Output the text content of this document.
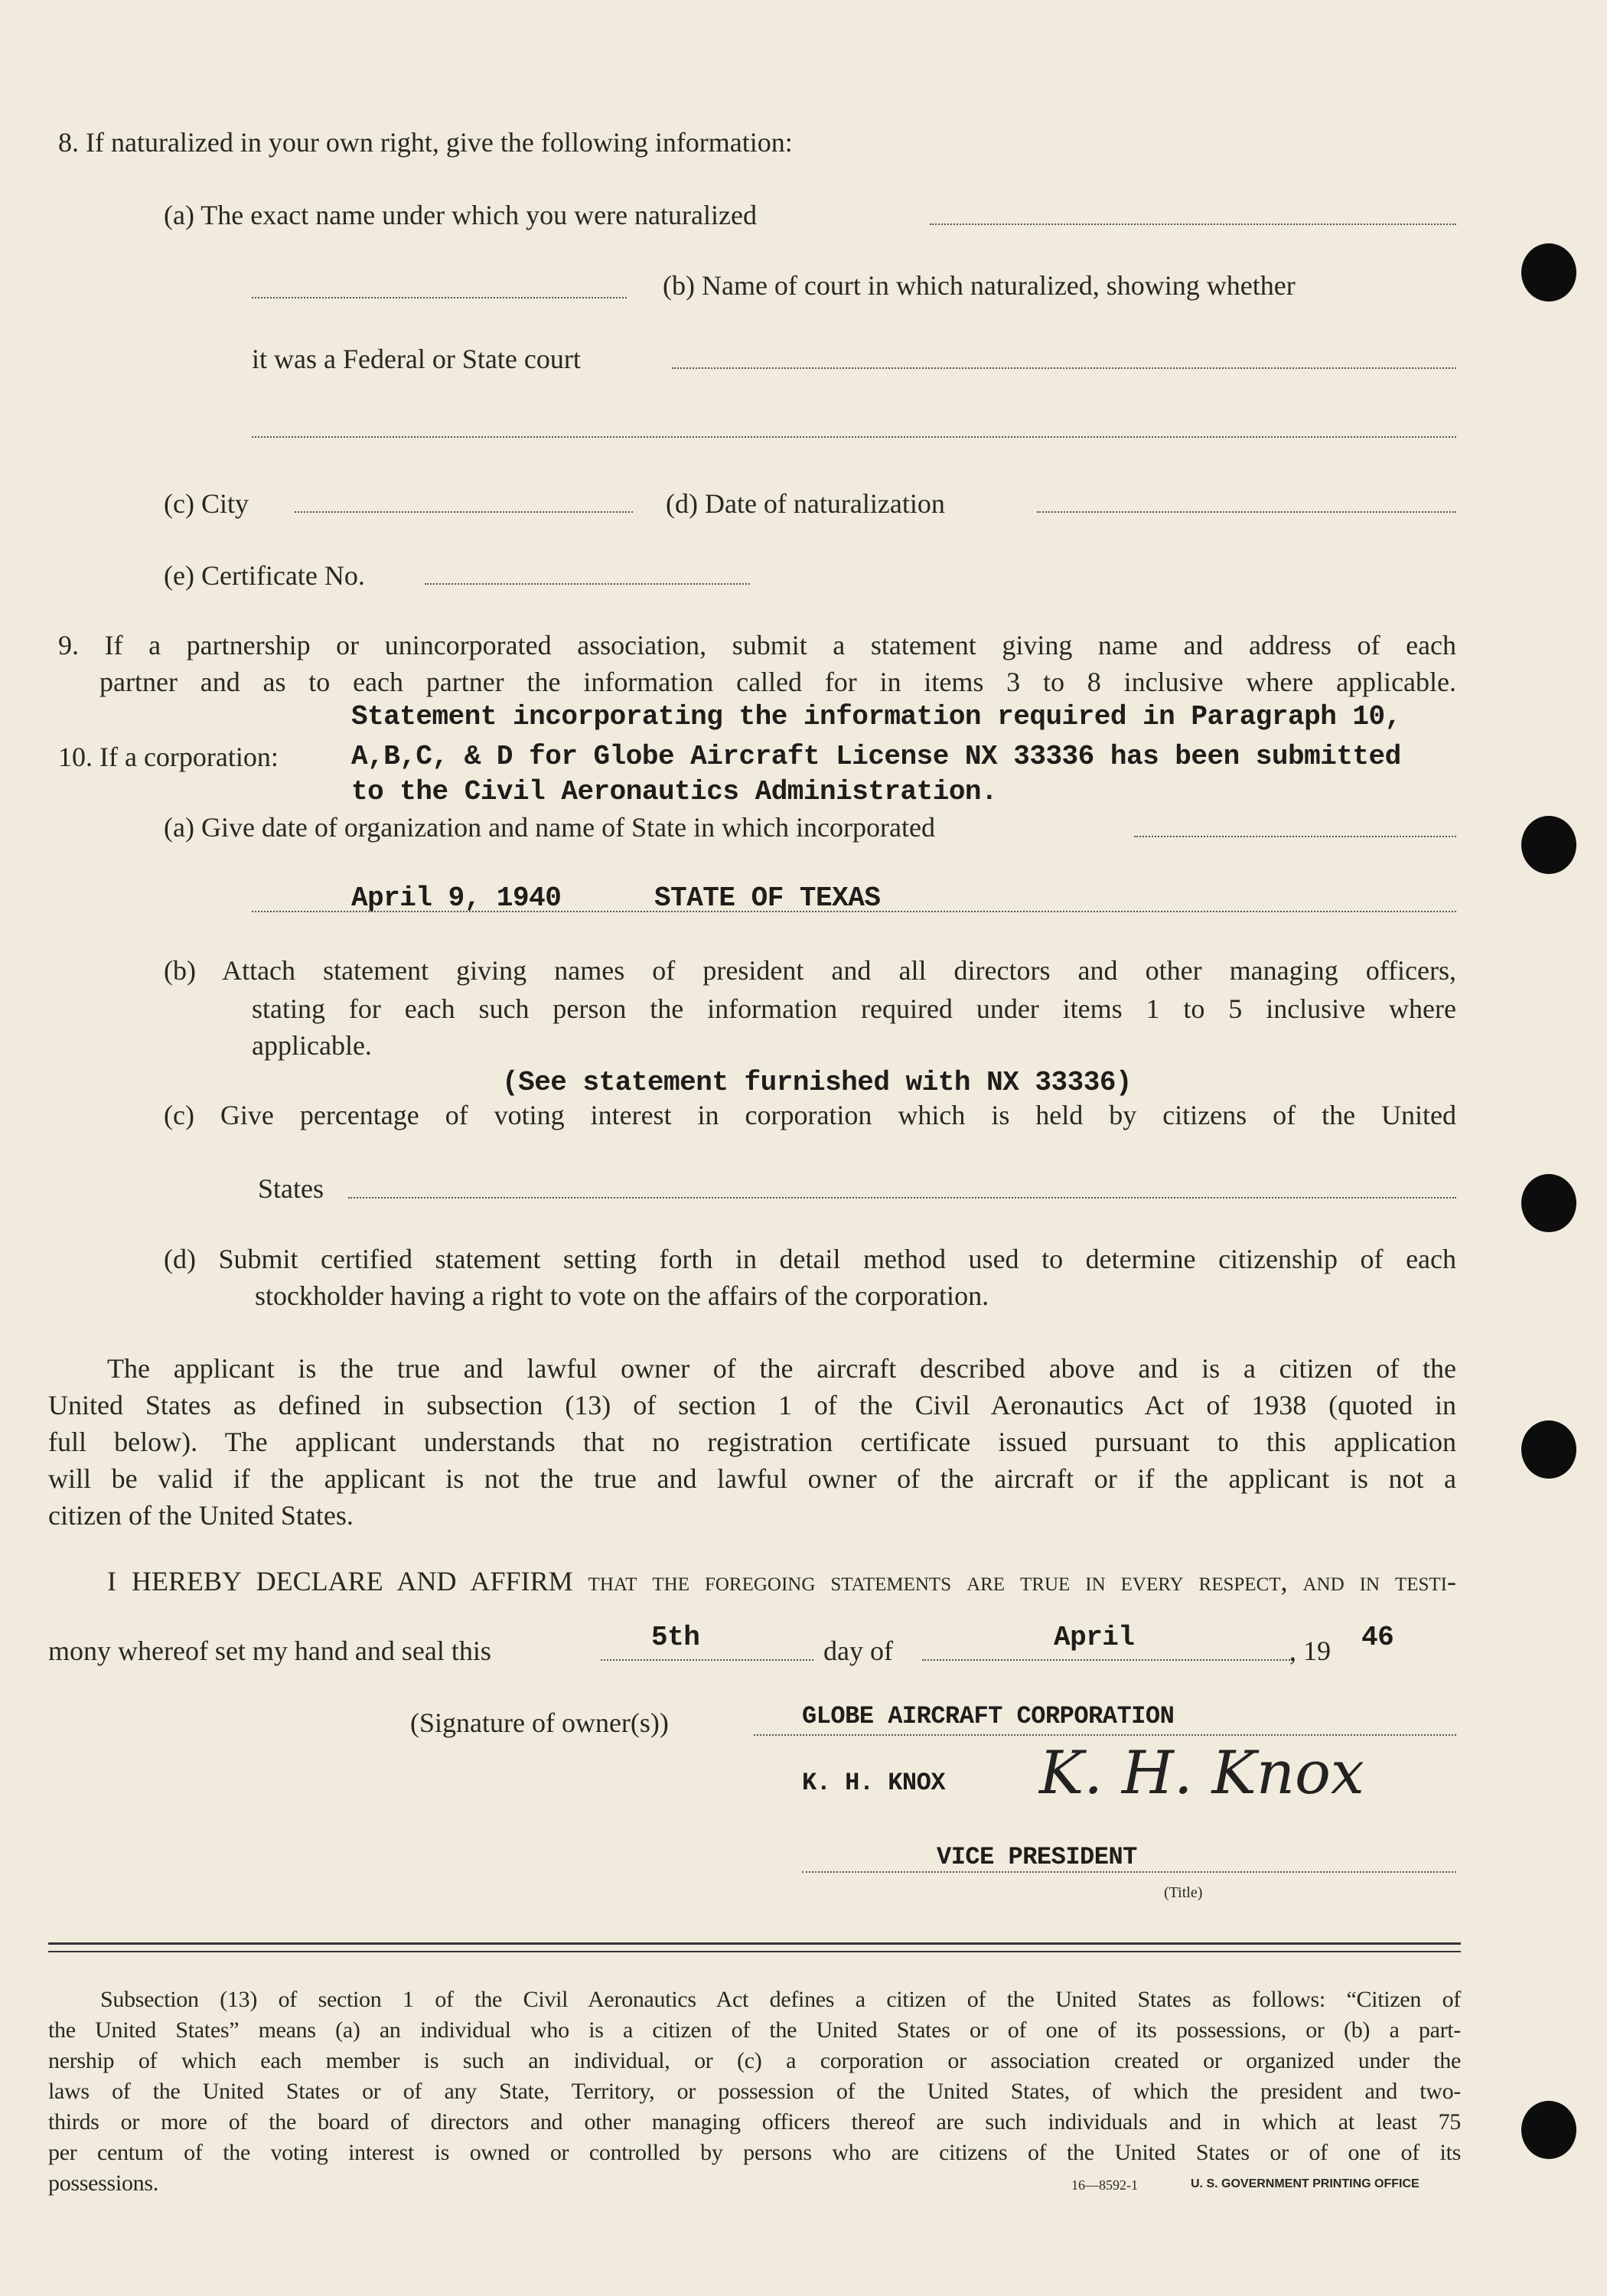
8. If naturalized in your own right, give the following information:
(a) The exact name under which you were naturalized
(b) Name of court in which naturalized, showing whether
it was a Federal or State court
(c) City	(d) Date of naturalization
(e) Certificate No.
9. If a partnership or unincorporated association, submit a statement giving name and address of each
partner and as to each partner the information called for in items 3 to 8 inclusive where applicable.
Statement incorporating the information required in Paragraph 10,
10. If a corporation:	A,B,C, & D for Globe Aircraft License NX 33336 has been submitted
to the Civil Aeronautics Administration.
(a) Give date of organization and name of State in which incorporated
April 9, 1940	STATE OF TEXAS
(b) Attach statement giving names of president and all directors and other managing officers,
stating for each such person the information required under items 1 to 5 inclusive where
applicable.
(See statement furnished with NX 33336)
(c) Give percentage of voting interest in corporation which is held by citizens of the United
States
(d) Submit certified statement setting forth in detail method used to determine citizenship of each
stockholder having a right to vote on the affairs of the corporation.
The applicant is the true and lawful owner of the aircraft described above and is a citizen of the
United States as defined in subsection (13) of section 1 of the Civil Aeronautics Act of 1938 (quoted in
full below). The applicant understands that no registration certificate issued pursuant to this application
will be valid if the applicant is not the true and lawful owner of the aircraft or if the applicant is not a
citizen of the United States.
I HEREBY DECLARE AND AFFIRM that the foregoing statements are true in every respect, and in testi-
mony whereof set my hand and seal this	5th	day of	April	, 19 46
(Signature of owner(s))	GLOBE AIRCRAFT CORPORATION
K. H. KNOX K. H. Knox
VICE PRESIDENT
(Title)
Subsection (13) of section 1 of the Civil Aeronautics Act defines a citizen of the United States as follows: “Citizen of
the United States” means (a) an individual who is a citizen of the United States or of one of its possessions, or (b) a part-
nership of which each member is such an individual, or (c) a corporation or association created or organized under the
laws of the United States or of any State, Territory, or possession of the United States, of which the president and two-
thirds or more of the board of directors and other managing officers thereof are such individuals and in which at least 75
per centum of the voting interest is owned or controlled by persons who are citizens of the United States or of one of its
possessions.	16—8592-1	U. S. GOVERNMENT PRINTING OFFICE
